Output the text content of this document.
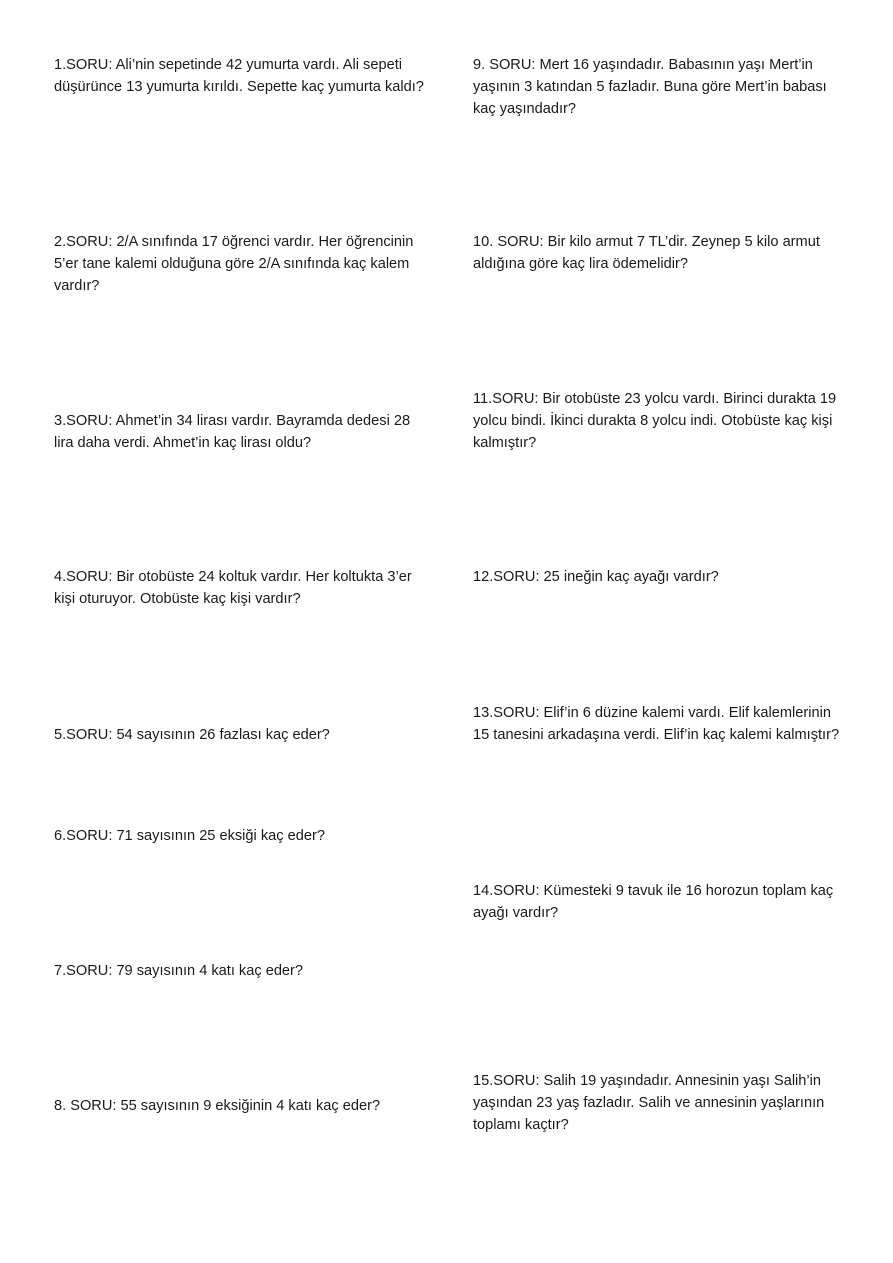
1.SORU: Ali’nin sepetinde 42 yumurta vardı. Ali sepeti düşürünce 13 yumurta kırıldı. Sepette kaç yumurta kaldı?

2.SORU: 2/A sınıfında 17 öğrenci vardır. Her öğrencinin 5’er tane kalemi olduğuna göre 2/A sınıfında kaç kalem vardır?

3.SORU: Ahmet’in 34 lirası vardır. Bayramda dedesi 28 lira daha verdi. Ahmet’in kaç lirası oldu?

4.SORU: Bir otobüste 24 koltuk vardır. Her koltukta 3’er kişi oturuyor. Otobüste kaç kişi vardır?

5.SORU: 54 sayısının 26 fazlası kaç eder?

6.SORU: 71 sayısının 25 eksiği kaç eder?

7.SORU: 79 sayısının 4 katı kaç eder?

8. SORU: 55 sayısının 9 eksiğinin 4 katı kaç eder?

9. SORU: Mert 16 yaşındadır. Babasının yaşı Mert’in yaşının 3 katından 5 fazladır. Buna göre Mert’in babası kaç yaşındadır?

10. SORU: Bir kilo armut 7 TL’dir. Zeynep 5 kilo armut aldığına göre kaç lira ödemelidir?

11.SORU: Bir otobüste 23 yolcu vardı. Birinci durakta 19 yolcu bindi. İkinci durakta 8 yolcu indi. Otobüste kaç kişi kalmıştır?

12.SORU: 25 ineğin kaç ayağı vardır?

13.SORU: Elif’in 6 düzine kalemi vardı. Elif kalemlerinin 15 tanesini arkadaşına verdi. Elif’in kaç kalemi kalmıştır?

14.SORU: Kümesteki 9 tavuk ile 16 horozun toplam kaç ayağı vardır?

15.SORU: Salih 19 yaşındadır. Annesinin yaşı Salih’in yaşından 23 yaş fazladır. Salih ve annesinin yaşlarının toplamı kaçtır?
